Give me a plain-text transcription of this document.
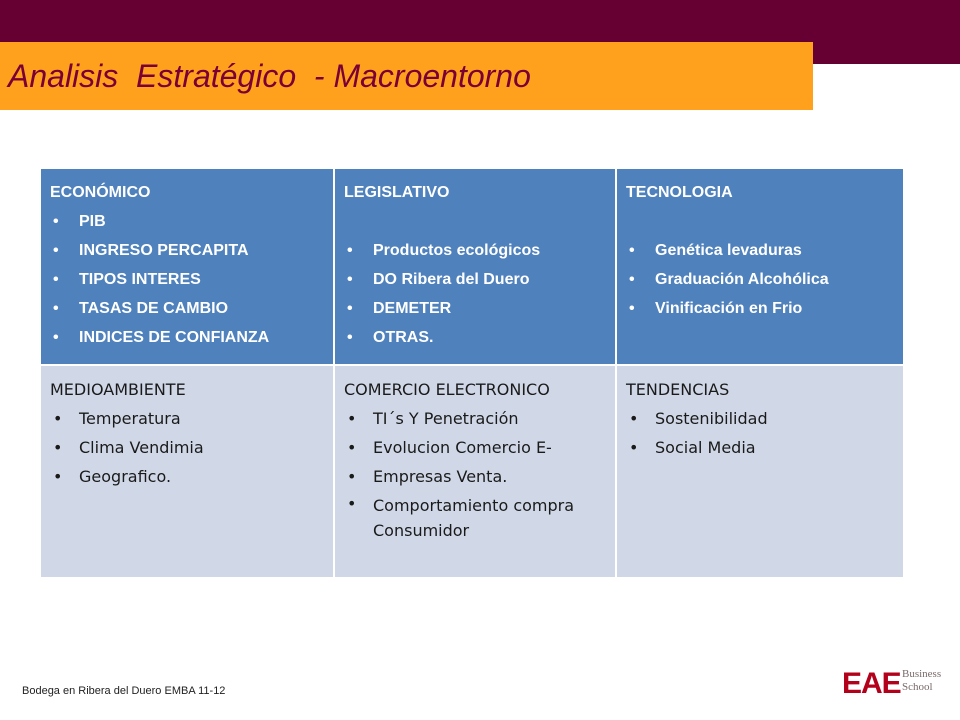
Analisis  Estratégico  - Macroentorno
ECONÓMICO
• PIB
• INGRESO PERCAPITA
• TIPOS INTERES
• TASAS DE CAMBIO
• INDICES DE CONFIANZA
LEGISLATIVO
• Productos ecológicos
• DO Ribera del Duero
• DEMETER
• OTRAS.
TECNOLOGIA
• Genética levaduras
• Graduación Alcohólica
• Vinificación en Frio
MEDIOAMBIENTE
• Temperatura
• Clima Vendimia
• Geografico.
COMERCIO ELECTRONICO
• TI´s Y Penetración
• Evolucion Comercio E-
• Empresas Venta.
• Comportamiento compra Consumidor
TENDENCIAS
• Sostenibilidad
• Social Media
Bodega en Ribera del Duero EMBA 11-12	EAE Business
School
